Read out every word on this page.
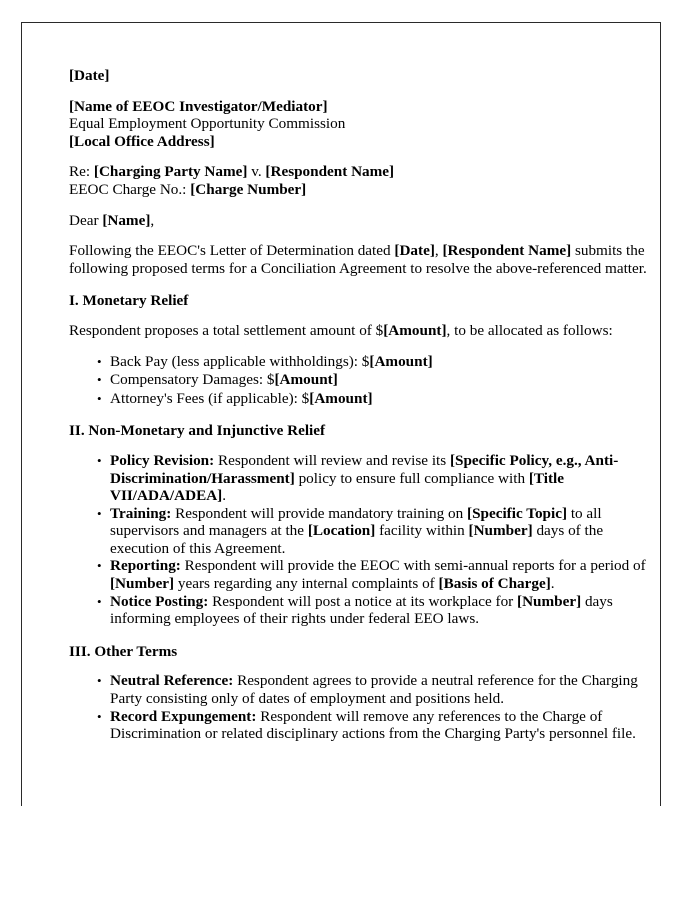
[Date]

[Name of EEOC Investigator/Mediator]

Equal Employment Opportunity Commission

[Local Office Address]

Re: [Charging Party Name] v. [Respondent Name]

EEOC Charge No.: [Charge Number]

Dear [Name],

Following the EEOC's Letter of Determination dated [Date], [Respondent Name] submits the following proposed terms for a Conciliation Agreement to resolve the above-referenced matter.

I. Monetary Relief

Respondent proposes a total settlement amount of $[Amount], to be allocated as follows:

• Back Pay (less applicable withholdings): $[Amount]
• Compensatory Damages: $[Amount]
• Attorney's Fees (if applicable): $[Amount]
II. Non-Monetary and Injunctive Relief
• Policy Revision: Respondent will review and revise its [Specific Policy, e.g., Anti-Discrimination/Harassment] policy to ensure full compliance with [Title VII/ADA/ADEA].
• Training: Respondent will provide mandatory training on [Specific Topic] to all supervisors and managers at the [Location] facility within [Number] days of the execution of this Agreement.
• Reporting: Respondent will provide the EEOC with semi-annual reports for a period of [Number] years regarding any internal complaints of [Basis of Charge].
• Notice Posting: Respondent will post a notice at its workplace for [Number] days informing employees of their rights under federal EEO laws.
III. Other Terms
• Neutral Reference: Respondent agrees to provide a neutral reference for the Charging Party consisting only of dates of employment and positions held.
• Record Expungement: Respondent will remove any references to the Charge of Discrimination or related disciplinary actions from the Charging Party's personnel file.
